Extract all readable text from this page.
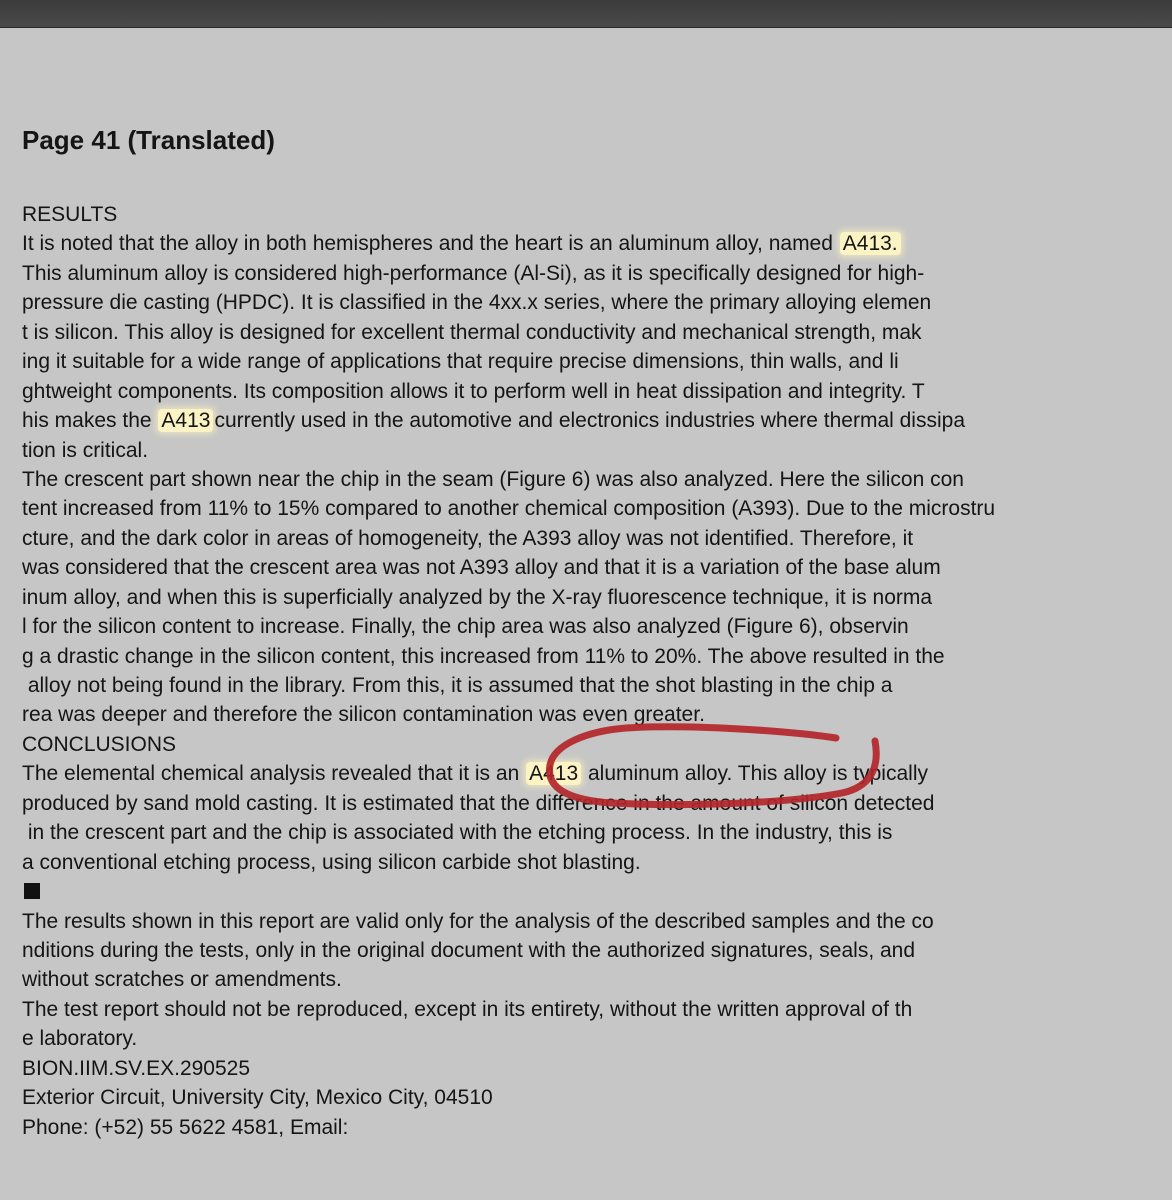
Page 41 (Translated)
RESULTS
It is noted that the alloy in both hemispheres and the heart is an aluminum alloy, named A413.
This aluminum alloy is considered high-performance (Al-Si), as it is specifically designed for high-
pressure die casting (HPDC). It is classified in the 4xx.x series, where the primary alloying elemen
t is silicon. This alloy is designed for excellent thermal conductivity and mechanical strength, mak
ing it suitable for a wide range of applications that require precise dimensions, thin walls, and li
ghtweight components. Its composition allows it to perform well in heat dissipation and integrity. T
his makes the A413 currently used in the automotive and electronics industries where thermal dissipa
tion is critical.
The crescent part shown near the chip in the seam (Figure 6) was also analyzed. Here the silicon con
tent increased from 11% to 15% compared to another chemical composition (A393). Due to the microstru
cture, and the dark color in areas of homogeneity, the A393 alloy was not identified. Therefore, it
was considered that the crescent area was not A393 alloy and that it is a variation of the base alum
inum alloy, and when this is superficially analyzed by the X-ray fluorescence technique, it is norma
l for the silicon content to increase. Finally, the chip area was also analyzed (Figure 6), observin
g a drastic change in the silicon content, this increased from 11% to 20%. The above resulted in the
alloy not being found in the library. From this, it is assumed that the shot blasting in the chip a
rea was deeper and therefore the silicon contamination was even greater.
CONCLUSIONS
The elemental chemical analysis revealed that it is an A413 aluminum alloy. This alloy is typically
produced by sand mold casting. It is estimated that the difference in the amount of silicon detected
in the crescent part and the chip is associated with the etching process. In the industry, this is
a conventional etching process, using silicon carbide shot blasting.
The results shown in this report are valid only for the analysis of the described samples and the co
nditions during the tests, only in the original document with the authorized signatures, seals, and
without scratches or amendments.
The test report should not be reproduced, except in its entirety, without the written approval of th
e laboratory.
BION.IIM.SV.EX.290525
Exterior Circuit, University City, Mexico City, 04510
Phone: (+52) 55 5622 4581, Email:
